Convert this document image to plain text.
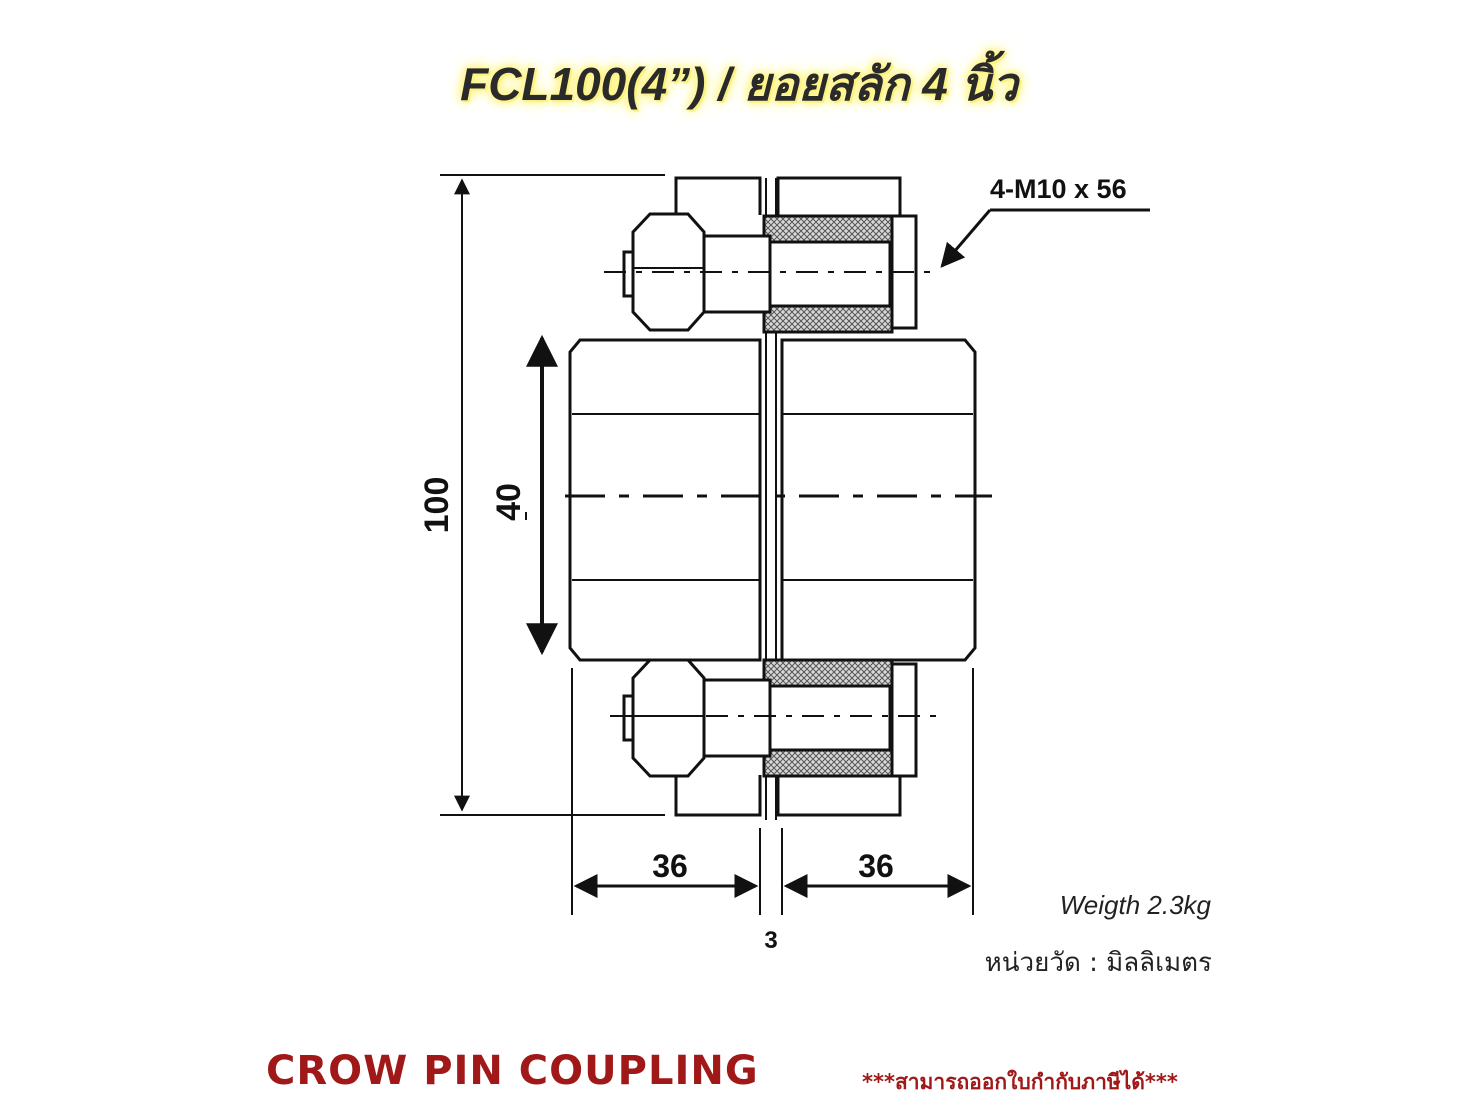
FCL100(4”) / ยอยสลัก 4 นิ้ว
100 40
36	36
3
4-M10 x 56
Weigth 2.3kg
หน่วยวัด : มิลลิเมตร
CROW PIN COUPLING	***สามารถออกใบกำกับภาษีได้***
